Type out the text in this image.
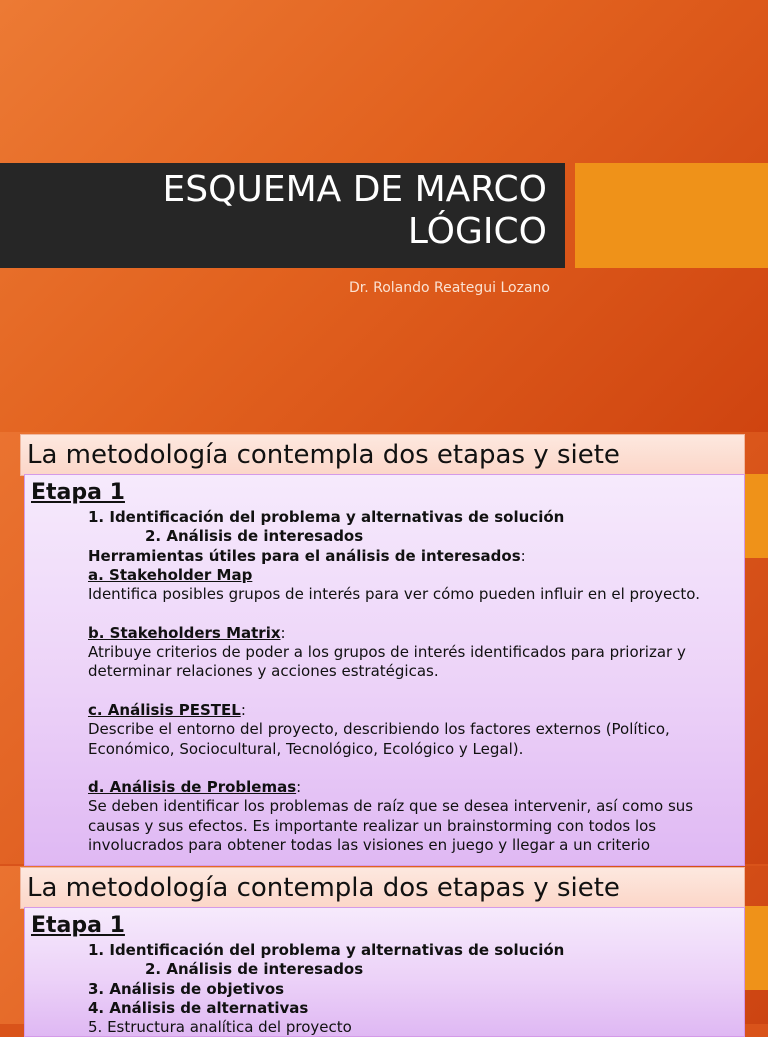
ESQUEMA DE MARCO
LÓGICO
Dr. Rolando Reategui Lozano
La metodología contempla dos etapas y siete
Etapa 1

1. Identificación del problema y alternativas de solución

2. Análisis de interesados

Herramientas útiles para el análisis de interesados:

a. Stakeholder Map

Identifica posibles grupos de interés para ver cómo pueden influir en el proyecto.

b. Stakeholders Matrix:

Atribuye criterios de poder a los grupos de interés identificados para priorizar y determinar relaciones y acciones estratégicas.

c. Análisis PESTEL:

Describe el entorno del proyecto, describiendo los factores externos (Político, Económico, Sociocultural, Tecnológico, Ecológico y Legal).

d. Análisis de Problemas:

Se deben identificar los problemas de raíz que se desea intervenir, así como sus causas y sus efectos. Es importante realizar un brainstorming con todos los involucrados para obtener todas las visiones en juego y llegar a un criterio

La metodología contempla dos etapas y siete
Etapa 1

1. Identificación del problema y alternativas de solución

2. Análisis de interesados

3. Análisis de objetivos

4. Análisis de alternativas

5. Estructura analítica del proyecto
